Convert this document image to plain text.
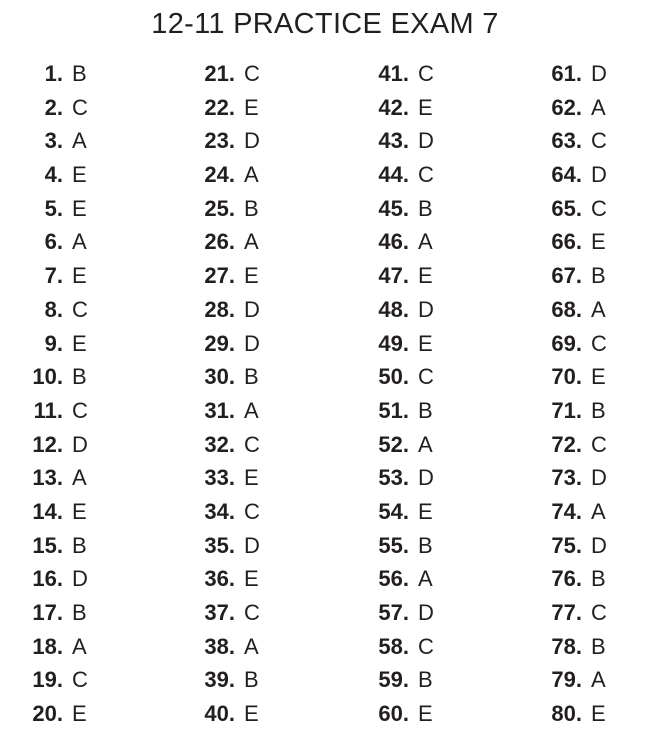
12-11 PRACTICE EXAM 7
1. B
2. C
3. A
4. E
5. E
6. A
7. E
8. C
9. E
10. B
11. C
12. D
13. A
14. E
15. B
16. D
17. B
18. A
19. C
20. E
21. C
22. E
23. D
24. A
25. B
26. A
27. E
28. D
29. D
30. B
31. A
32. C
33. E
34. C
35. D
36. E
37. C
38. A
39. B
40. E
41. C
42. E
43. D
44. C
45. B
46. A
47. E
48. D
49. E
50. C
51. B
52. A
53. D
54. E
55. B
56. A
57. D
58. C
59. B
60. E
61. D
62. A
63. C
64. D
65. C
66. E
67. B
68. A
69. C
70. E
71. B
72. C
73. D
74. A
75. D
76. B
77. C
78. B
79. A
80. E
